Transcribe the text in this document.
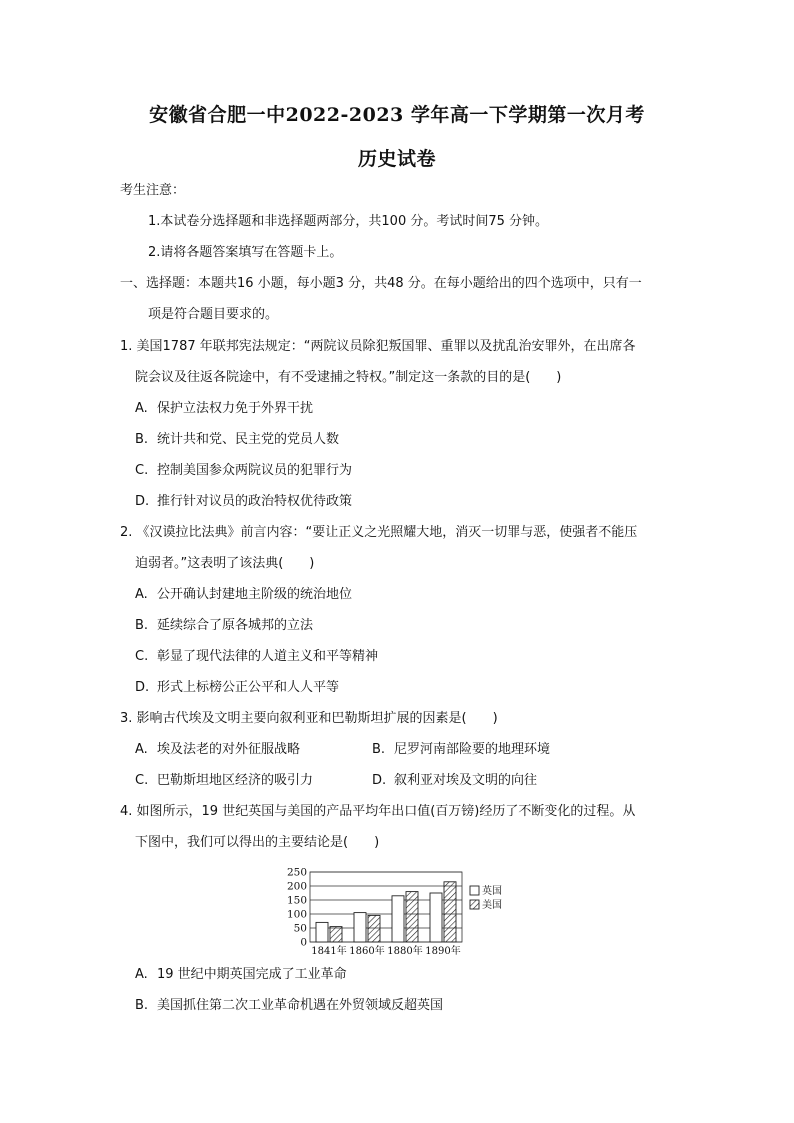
安徽省合肥一中2022-2023 学年高一下学期第一次月考
历史试卷
考生注意：
1.本试卷分选择题和非选择题两部分，共100 分。考试时间75 分钟。
2.请将各题答案填写在答题卡上。
一、选择题：本题共16 小题，每小题3 分，共48 分。在每小题给出的四个选项中，只有一
项是符合题目要求的。
1. 美国1787 年联邦宪法规定：“两院议员除犯叛国罪、重罪以及扰乱治安罪外，在出席各
院会议及往返各院途中，有不受逮捕之特权。”制定这一条款的目的是(　　)
A. 保护立法权力免于外界干扰
B. 统计共和党、民主党的党员人数
C. 控制美国参众两院议员的犯罪行为
D. 推行针对议员的政治特权优待政策
2. 《汉谟拉比法典》前言内容：“要让正义之光照耀大地，消灭一切罪与恶，使强者不能压
迫弱者。”这表明了该法典(　　)
A. 公开确认封建地主阶级的统治地位
B. 延续综合了原各城邦的立法
C. 彰显了现代法律的人道主义和平等精神
D. 形式上标榜公正公平和人人平等
3. 影响古代埃及文明主要向叙利亚和巴勒斯坦扩展的因素是(　　)
A. 埃及法老的对外征服战略	B. 尼罗河南部险要的地理环境
C. 巴勒斯坦地区经济的吸引力	D. 叙利亚对埃及文明的向往
4. 如图所示，19 世纪英国与美国的产品平均年出口值(百万镑)经历了不断变化的过程。从
下图中，我们可以得出的主要结论是(　　)
0
50
100
150
200
250
1841年 1860年 1880年 1890年
英国
美国
A. 19 世纪中期英国完成了工业革命
B. 美国抓住第二次工业革命机遇在外贸领域反超英国
